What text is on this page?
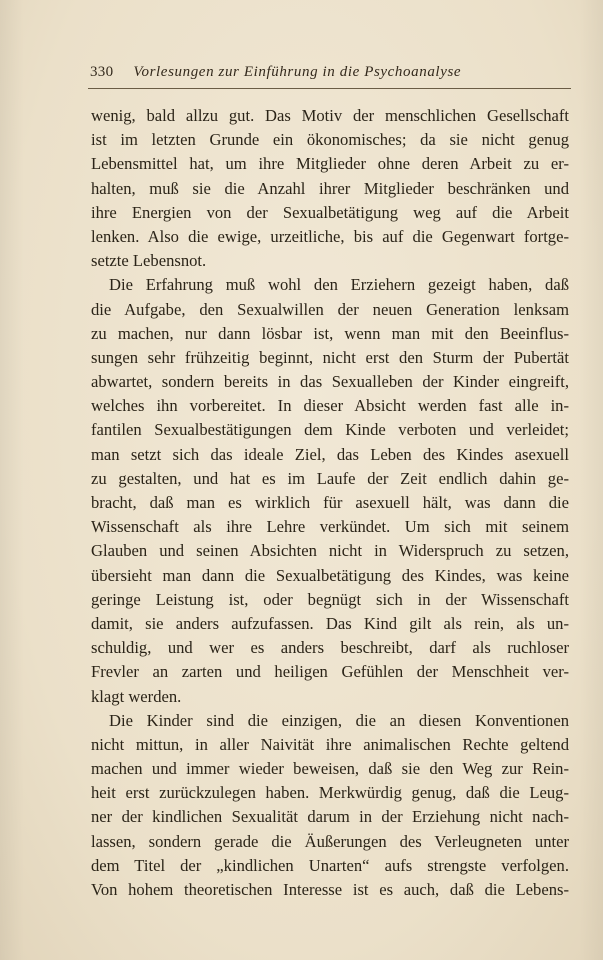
330 Vorlesungen zur Einführung in die Psychoanalyse
wenig, bald allzu gut. Das Motiv der menschlichen Gesellschaft
ist im letzten Grunde ein ökonomisches; da sie nicht genug
Lebensmittel hat, um ihre Mitglieder ohne deren Arbeit zu er-
halten, muß sie die Anzahl ihrer Mitglieder beschränken und
ihre Energien von der Sexualbetätigung weg auf die Arbeit
lenken. Also die ewige, urzeitliche, bis auf die Gegenwart fortge-
setzte Lebensnot.
Die Erfahrung muß wohl den Erziehern gezeigt haben, daß
die Aufgabe, den Sexualwillen der neuen Generation lenksam
zu machen, nur dann lösbar ist, wenn man mit den Beeinflus-
sungen sehr frühzeitig beginnt, nicht erst den Sturm der Pubertät
abwartet, sondern bereits in das Sexualleben der Kinder eingreift,
welches ihn vorbereitet. In dieser Absicht werden fast alle in-
fantilen Sexualbestätigungen dem Kinde verboten und verleidet;
man setzt sich das ideale Ziel, das Leben des Kindes asexuell
zu gestalten, und hat es im Laufe der Zeit endlich dahin ge-
bracht, daß man es wirklich für asexuell hält, was dann die
Wissenschaft als ihre Lehre verkündet. Um sich mit seinem
Glauben und seinen Absichten nicht in Widerspruch zu setzen,
übersieht man dann die Sexualbetätigung des Kindes, was keine
geringe Leistung ist, oder begnügt sich in der Wissenschaft
damit, sie anders aufzufassen. Das Kind gilt als rein, als un-
schuldig, und wer es anders beschreibt, darf als ruchloser
Frevler an zarten und heiligen Gefühlen der Menschheit ver-
klagt werden.
Die Kinder sind die einzigen, die an diesen Konventionen
nicht mittun, in aller Naivität ihre animalischen Rechte geltend
machen und immer wieder beweisen, daß sie den Weg zur Rein-
heit erst zurückzulegen haben. Merkwürdig genug, daß die Leug-
ner der kindlichen Sexualität darum in der Erziehung nicht nach-
lassen, sondern gerade die Äußerungen des Verleugneten unter
dem Titel der „kindlichen Unarten“ aufs strengste verfolgen.
Von hohem theoretischen Interesse ist es auch, daß die Lebens-
